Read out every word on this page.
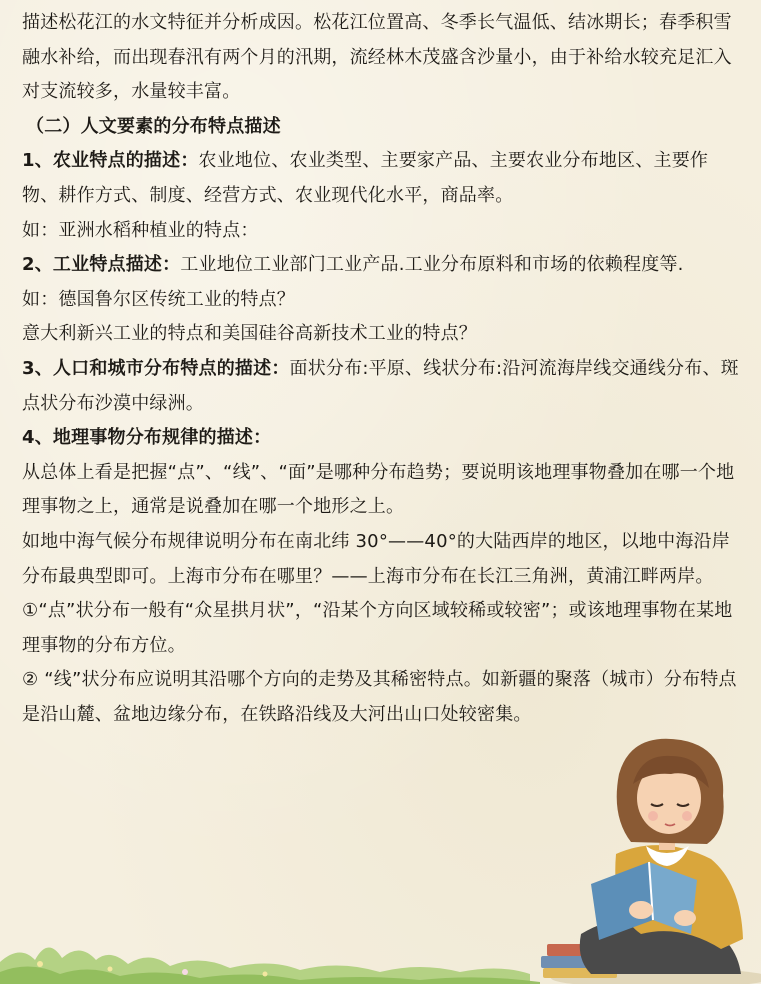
描述松花江的水文特征并分析成因。松花江位置高、冬季长气温低、结冰期长；春季积雪融水补给，而出现春汛有两个月的汛期，流经林木茂盛含沙量小，由于补给水较充足汇入对支流较多，水量较丰富。

（二）人文要素的分布特点描述

1、农业特点的描述：农业地位、农业类型、主要家产品、主要农业分布地区、主要作物、耕作方式、制度、经营方式、农业现代化水平，商品率。

如：亚洲水稻种植业的特点：

2、工业特点描述：工业地位工业部门工业产品.工业分布原料和市场的依赖程度等.

如：德国鲁尔区传统工业的特点？

意大利新兴工业的特点和美国硅谷高新技术工业的特点？

3、人口和城市分布特点的描述：面状分布:平原、线状分布:沿河流海岸线交通线分布、斑点状分布沙漠中绿洲。

4、地理事物分布规律的描述：

从总体上看是把握“点”、“线”、“面”是哪种分布趋势；要说明该地理事物叠加在哪一个地理事物之上，通常是说叠加在哪一个地形之上。

如地中海气候分布规律说明分布在南北纬 30°——40°的大陆西岸的地区，以地中海沿岸分布最典型即可。上海市分布在哪里？——上海市分布在长江三角洲，黄浦江畔两岸。

①“点”状分布一般有“众星拱月状”，“沿某个方向区域较稀或较密”；或该地理事物在某地理事物的分布方位。

② “线”状分布应说明其沿哪个方向的走势及其稀密特点。如新疆的聚落（城市）分布特点是沿山麓、盆地边缘分布，在铁路沿线及大河出山口处较密集。
